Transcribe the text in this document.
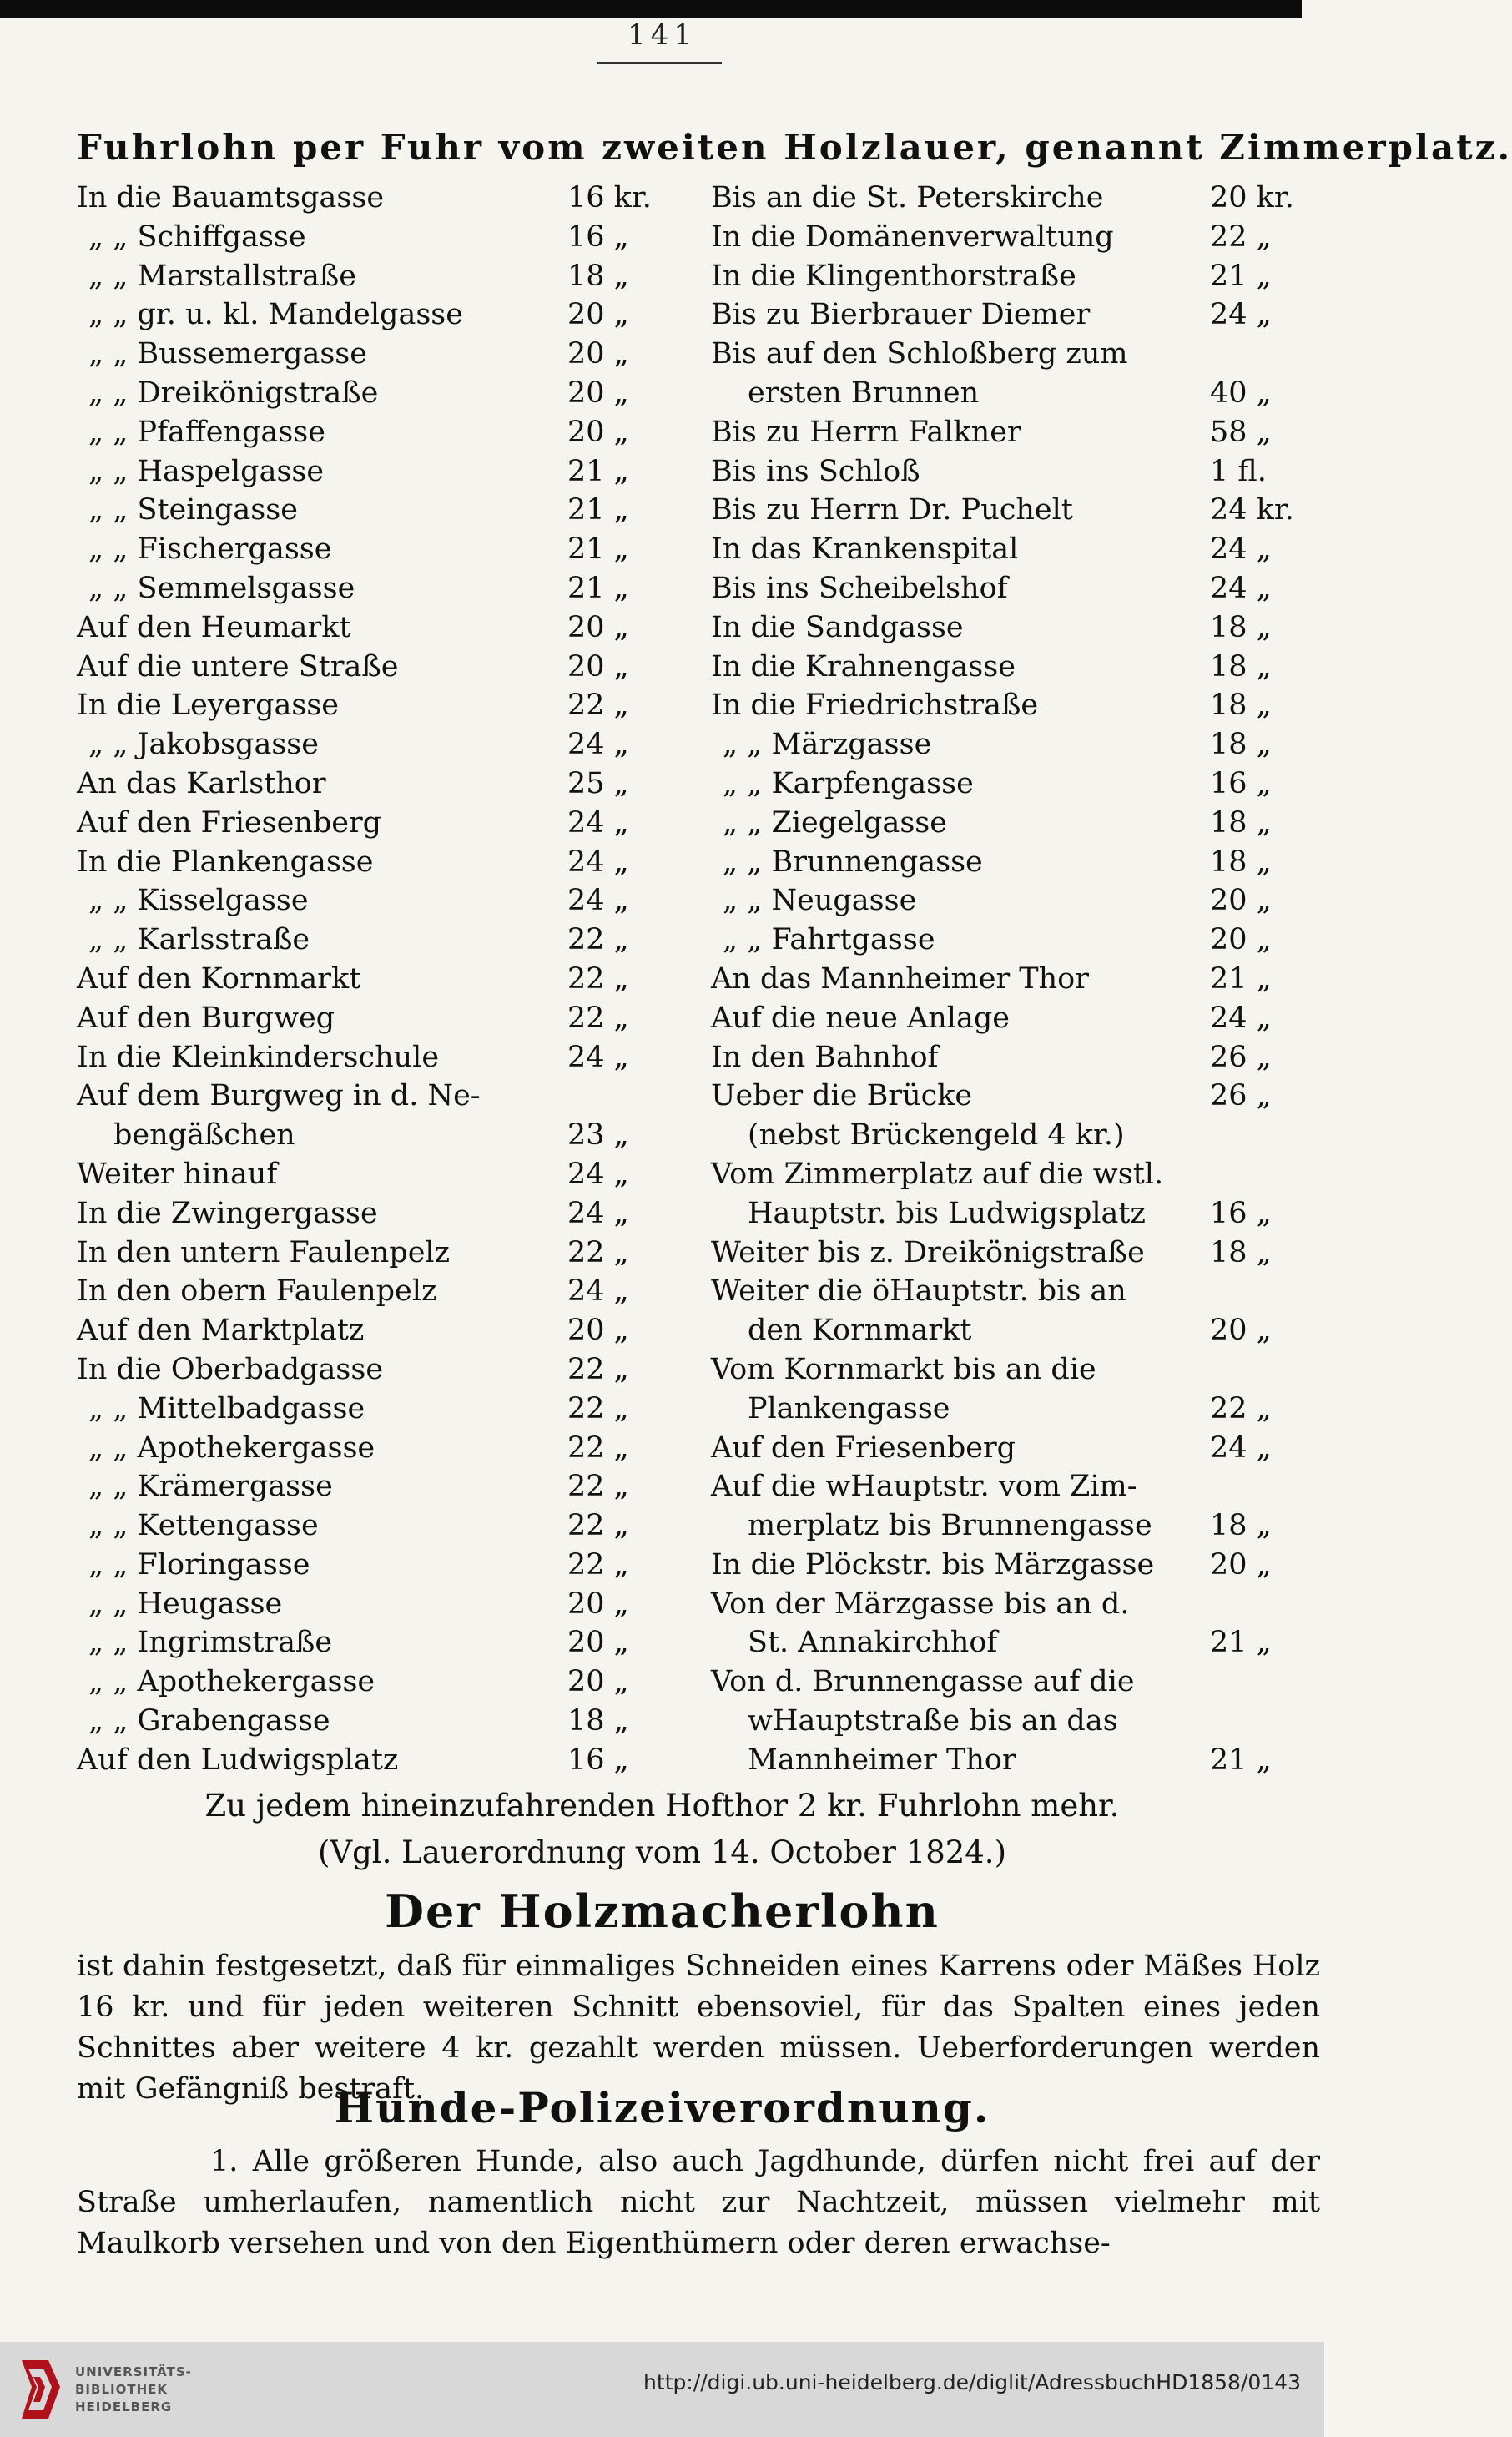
141
Fuhrlohn per Fuhr vom zweiten Holzlauer, genannt Zimmerplatz.
In die Bauamtsgasse	16 kr.
„ „ Schiffgasse	16 „
„ „ Marstallstraße	18 „
„ „ gr. u. kl. Mandelgasse	20 „
„ „ Bussemergasse	20 „
„ „ Dreikönigstraße	20 „
„ „ Pfaffengasse	20 „
„ „ Haspelgasse	21 „
„ „ Steingasse	21 „
„ „ Fischergasse	21 „
„ „ Semmelsgasse	21 „
Auf den Heumarkt	20 „
Auf die untere Straße	20 „
In die Leyergasse	22 „
„ „ Jakobsgasse	24 „
An das Karlsthor	25 „
Auf den Friesenberg	24 „
In die Plankengasse	24 „
„ „ Kisselgasse	24 „
„ „ Karlsstraße	22 „
Auf den Kornmarkt	22 „
Auf den Burgweg	22 „
In die Kleinkinderschule	24 „
Auf dem Burgweg in d. Ne-
bengäßchen	23 „
Weiter hinauf	24 „
In die Zwingergasse	24 „
In den untern Faulenpelz	22 „
In den obern Faulenpelz	24 „
Auf den Marktplatz	20 „
In die Oberbadgasse	22 „
„ „ Mittelbadgasse	22 „
„ „ Apothekergasse	22 „
„ „ Krämergasse	22 „
„ „ Kettengasse	22 „
„ „ Floringasse	22 „
„ „ Heugasse	20 „
„ „ Ingrimstraße	20 „
„ „ Apothekergasse	20 „
„ „ Grabengasse	18 „
Auf den Ludwigsplatz	16 „
Bis an die St. Peterskirche	20 kr.
In die Domänenverwaltung	22 „
In die Klingenthorstraße	21 „
Bis zu Bierbrauer Diemer	24 „
Bis auf den Schloßberg zum
ersten Brunnen	40 „
Bis zu Herrn Falkner	58 „
Bis ins Schloß	1 fl.
Bis zu Herrn Dr. Puchelt	24 kr.
In das Krankenspital	24 „
Bis ins Scheibelshof	24 „
In die Sandgasse	18 „
In die Krahnengasse	18 „
In die Friedrichstraße	18 „
„ „ Märzgasse	18 „
„ „ Karpfengasse	16 „
„ „ Ziegelgasse	18 „
„ „ Brunnengasse	18 „
„ „ Neugasse	20 „
„ „ Fahrtgasse	20 „
An das Mannheimer Thor	21 „
Auf die neue Anlage	24 „
In den Bahnhof	26 „
Ueber die Brücke	26 „
(nebst Brückengeld 4 kr.)
Vom Zimmerplatz auf die wstl.
Hauptstr. bis Ludwigsplatz 16 „
Weiter bis z. Dreikönigstraße 18 „
Weiter die öHauptstr. bis an
den Kornmarkt	20 „
Vom Kornmarkt bis an die
Plankengasse	22 „
Auf den Friesenberg	24 „
Auf die wHauptstr. vom Zim-
merplatz bis Brunnengasse 18 „
In die Plöckstr. bis Märzgasse 20 „
Von der Märzgasse bis an d.
St. Annakirchhof	21 „
Von d. Brunnengasse auf die
wHauptstraße bis an das
Mannheimer Thor	21 „
Zu jedem hineinzufahrenden Hofthor 2 kr. Fuhrlohn mehr.
(Vgl. Lauerordnung vom 14. October 1824.)
Der Holzmacherlohn
ist dahin festgesetzt, daß für einmaliges Schneiden eines Karrens oder Mäßes Holz 16 kr. und für jeden weiteren Schnitt ebensoviel, für das Spalten eines jeden Schnittes aber weitere 4 kr. gezahlt werden müssen. Ueberforderungen werden mit Gefängniß bestraft.
Hunde-Polizeiverordnung.
1. Alle größeren Hunde, also auch Jagdhunde, dürfen nicht frei auf der Straße umherlaufen, namentlich nicht zur Nachtzeit, müssen vielmehr mit Maulkorb versehen und von den Eigenthümern oder deren erwachse-
UNIVERSITÄTS-
BIBLIOTHEK
HEIDELBERG
http://digi.ub.uni-heidelberg.de/diglit/AdressbuchHD1858/0143
